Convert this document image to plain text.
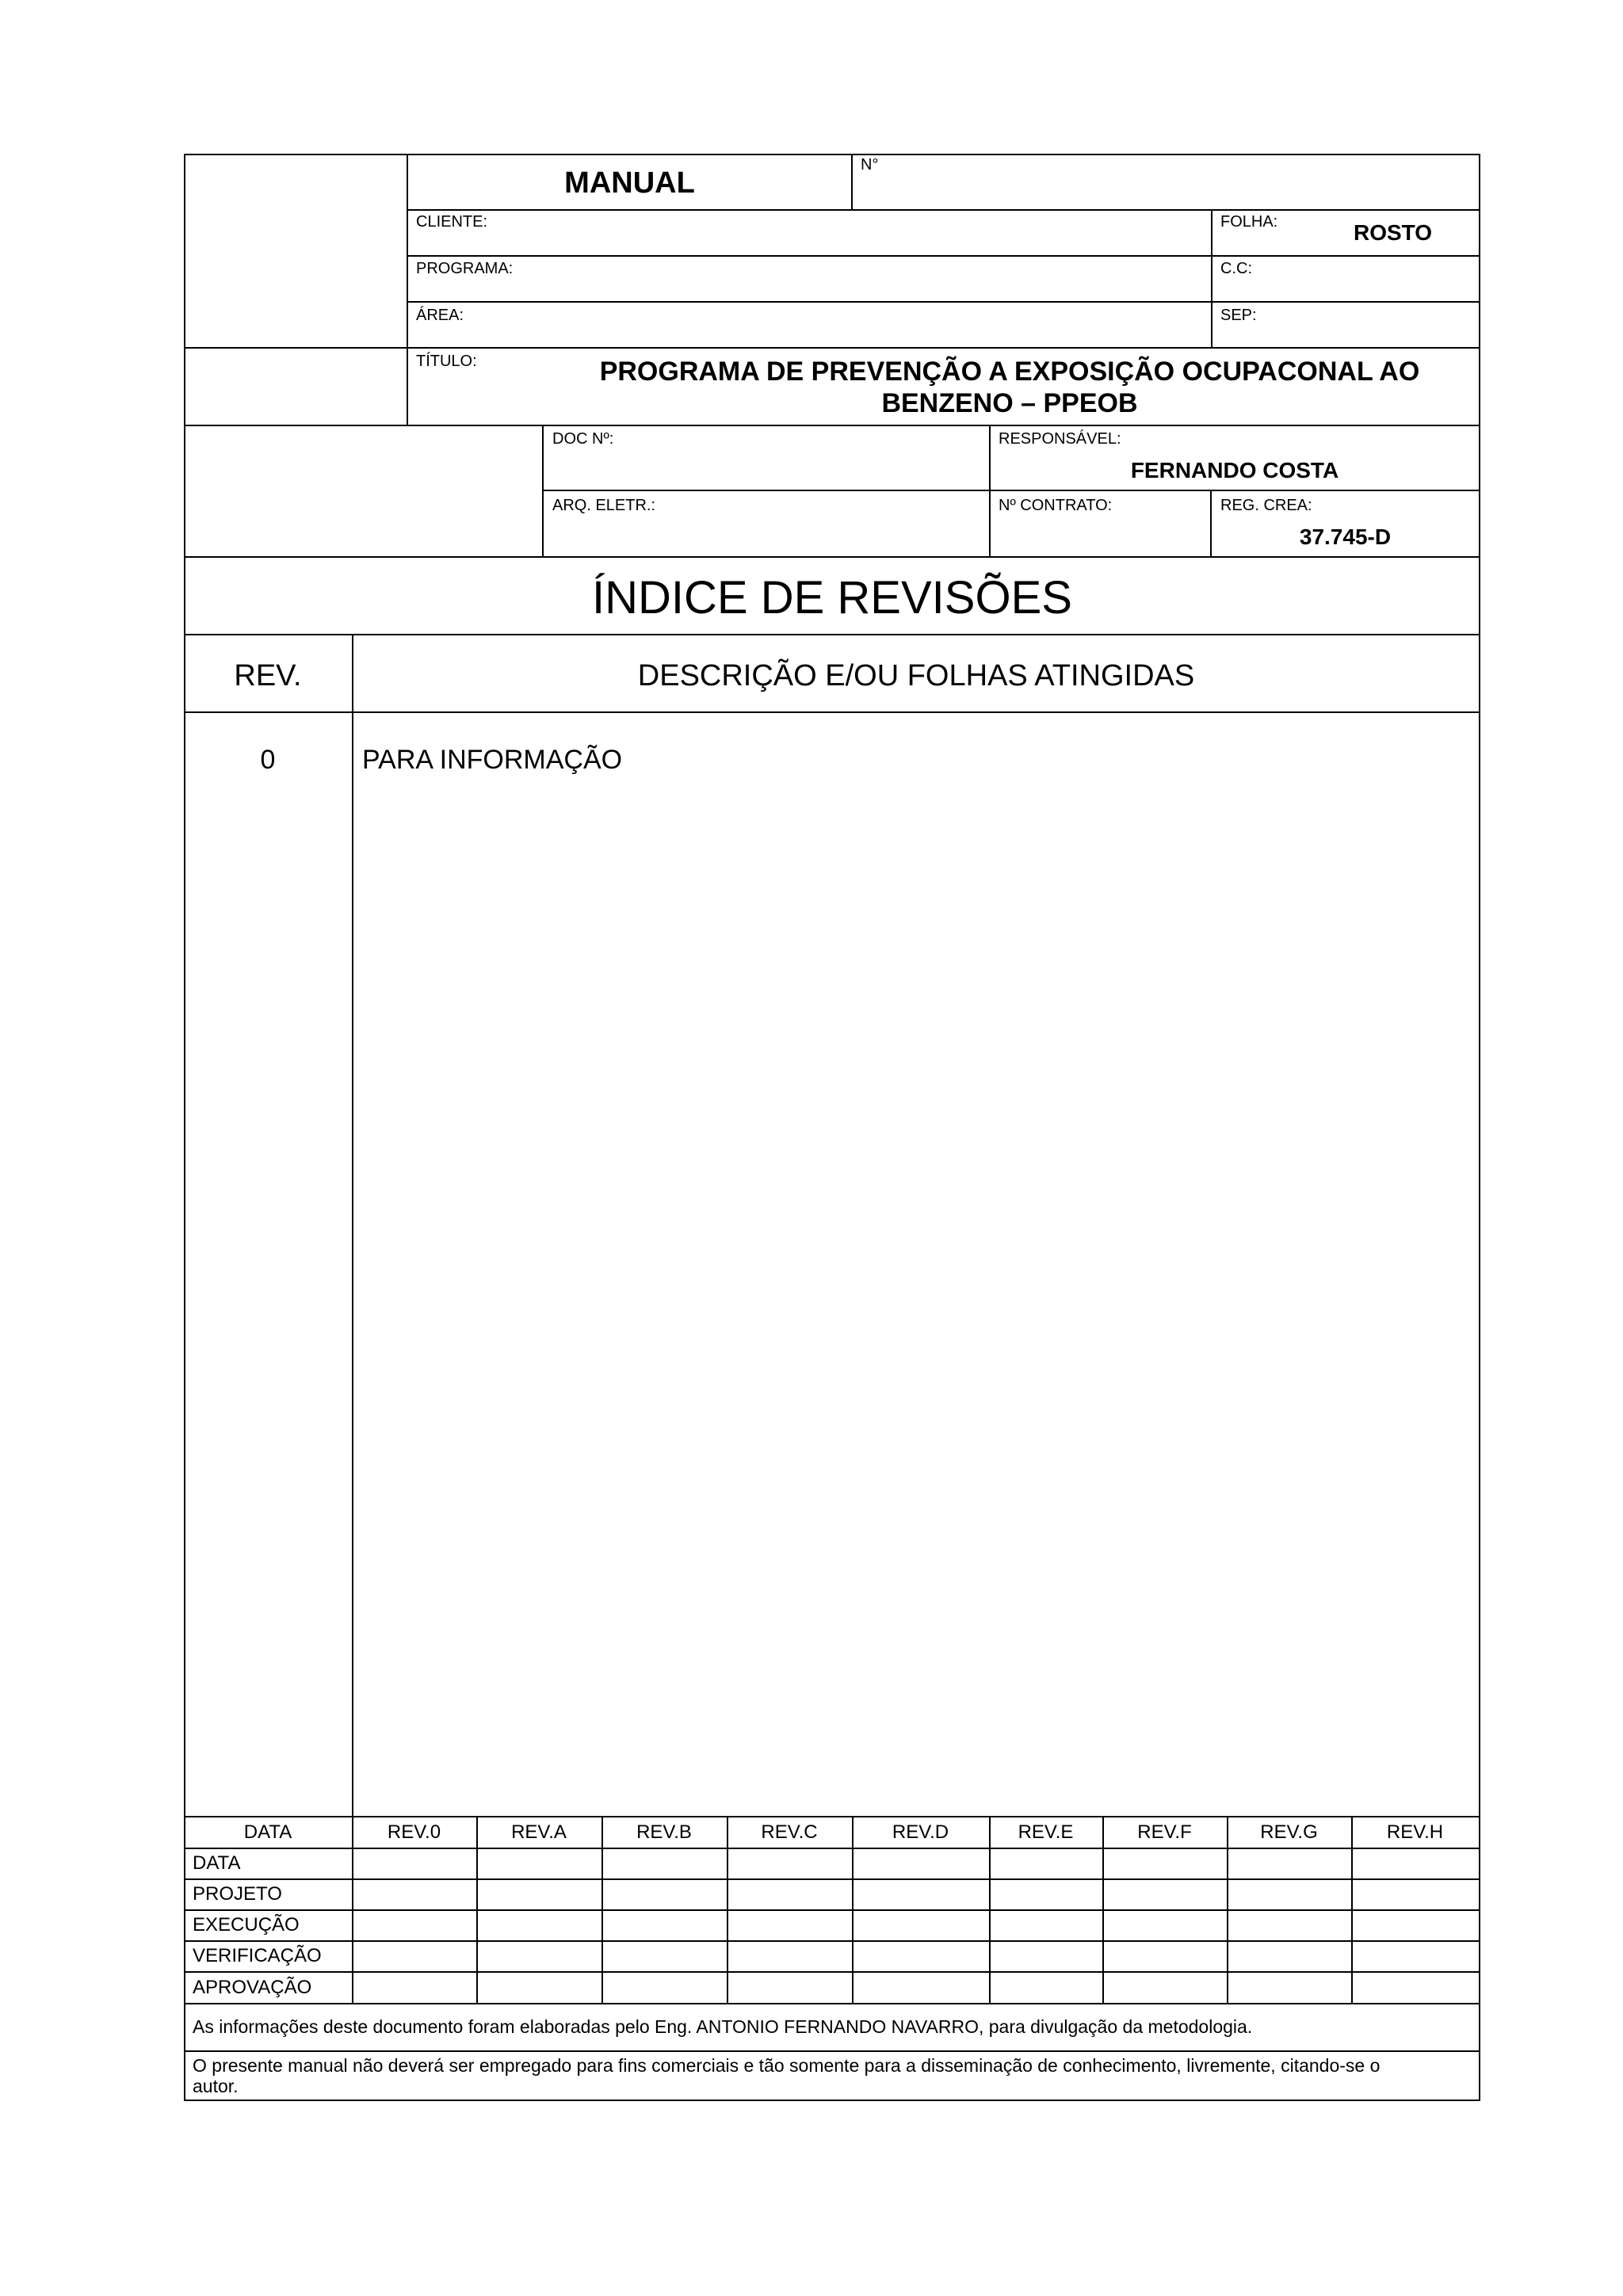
MANUAL
N°
CLIENTE:	FOLHA:	ROSTO
PROGRAMA:	C.C:
ÁREA:	SEP:
TÍTULO:	PROGRAMA DE PREVENÇÃO A EXPOSIÇÃO OCUPACONAL AO
BENZENO – PPEOB
DOC Nº:	RESPONSÁVEL:
FERNANDO COSTA
ARQ. ELETR.:	Nº CONTRATO:	REG. CREA:
37.745-D
ÍNDICE DE REVISÕES
REV.	DESCRIÇÃO E/OU FOLHAS ATINGIDAS
0	PARA INFORMAÇÃO
DATA	REV.0	REV.A	REV.B	REV.C	REV.D	REV.E	REV.F	REV.G	REV.H
DATA
PROJETO
EXECUÇÃO
VERIFICAÇÃO
APROVAÇÃO
As informações deste documento foram elaboradas pelo Eng. ANTONIO FERNANDO NAVARRO, para divulgação da metodologia.
O presente manual não deverá ser empregado para fins comerciais e tão somente para a disseminação de conhecimento, livremente, citando-se o
autor.
